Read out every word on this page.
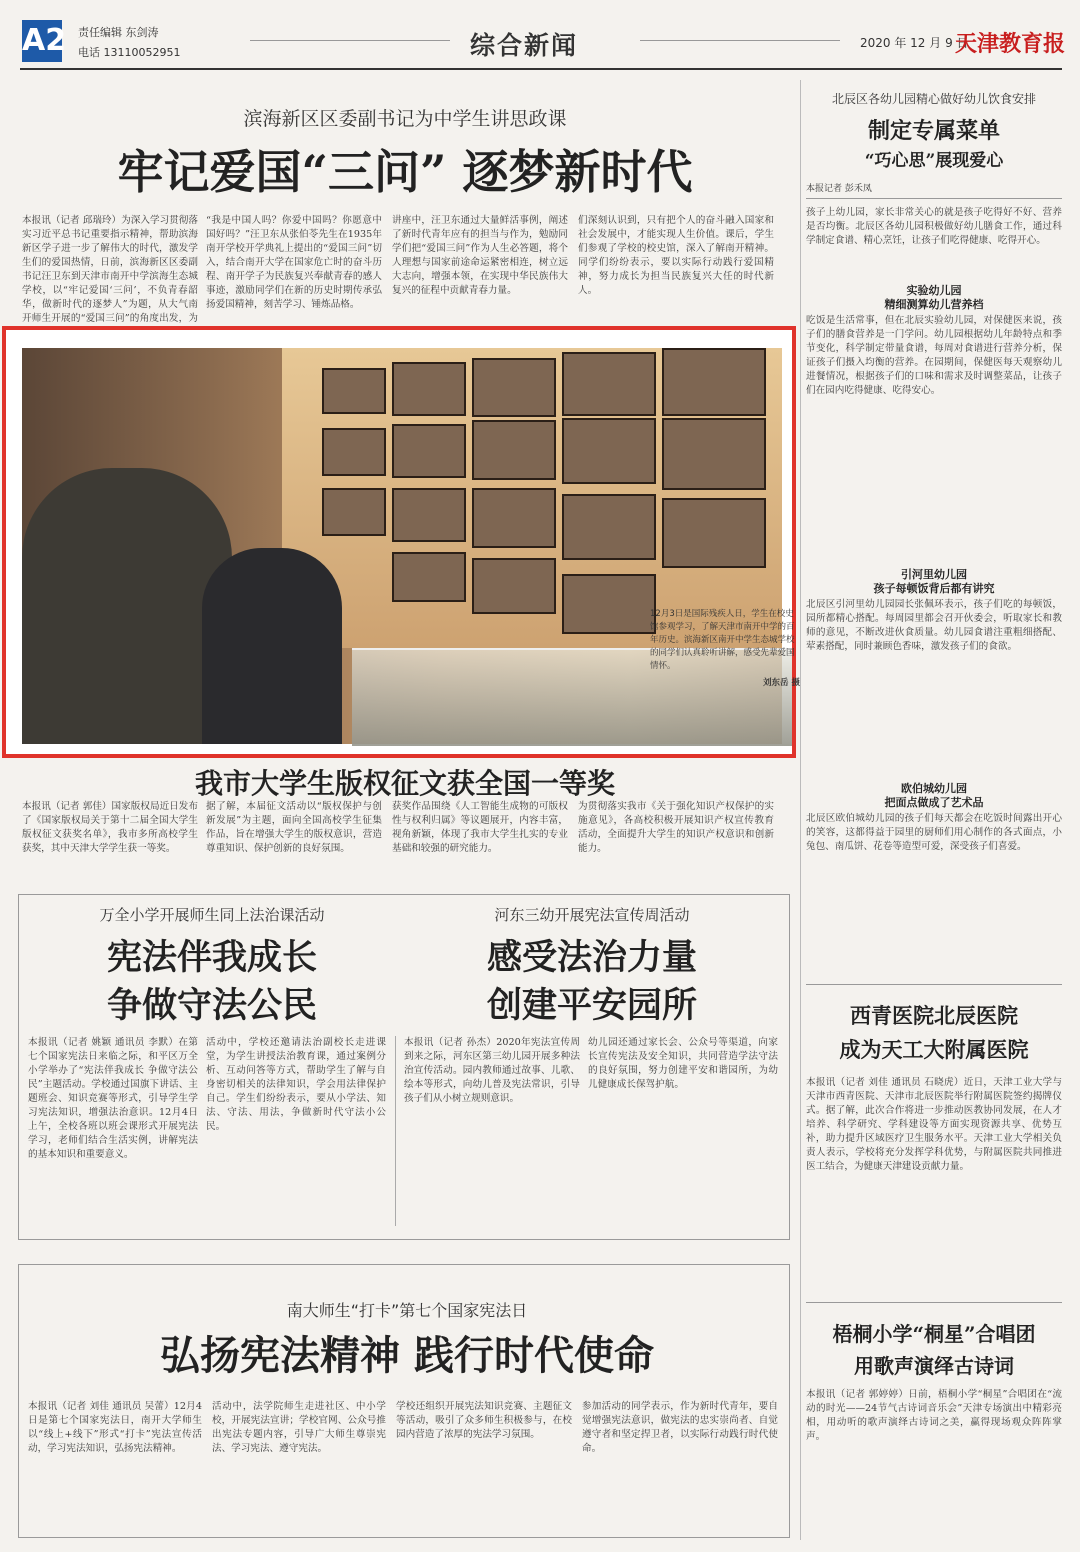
A2 责任编辑 东剑涛
电话 13110052951	综合新闻	2020 年 12 月 9 日
天津教育报
滨海新区区委副书记为中学生讲思政课
牢记爱国“三问” 逐梦新时代
本报讯（记者 邱瑞玲）为深入学习贯彻落实习近平总书记重要指示精神，帮助滨海新区学子进一步了解伟大的时代，激发学生们的爱国热情，日前，滨海新区区委副书记汪卫东到天津市南开中学滨海生态城学校，以“牢记爱国‘三问’，不负青春韶华，做新时代的逐梦人”为题，从大气南开师生开展的“爱国三问”的角度出发，为
“我是中国人吗？你爱中国吗？你愿意中国好吗？”汪卫东从张伯苓先生在1935年南开学校开学典礼上提出的“爱国三问”切入，结合南开大学在国家危亡时的奋斗历程、南开学子为民族复兴奉献青春的感人事迹，激励同学们在新的历史时期传承弘扬爱国精神，刻苦学习、锤炼品格。
讲座中，汪卫东通过大量鲜活事例，阐述了新时代青年应有的担当与作为，勉励同学们把“爱国三问”作为人生必答题，将个人理想与国家前途命运紧密相连，树立远大志向，增强本领，在实现中华民族伟大复兴的征程中贡献青春力量。
们深刻认识到，只有把个人的奋斗融入国家和社会发展中，才能实现人生价值。课后，学生们参观了学校的校史馆，深入了解南开精神。同学们纷纷表示，要以实际行动践行爱国精神，努力成长为担当民族复兴大任的时代新人。
12月3日是国际残疾人日，学生在校史馆参观学习，了解天津市南开中学的百年历史。滨海新区南开中学生态城学校的同学们认真聆听讲解，感受先辈爱国情怀。
刘东岳 摄
我市大学生版权征文获全国一等奖
本报讯（记者 郭佳）国家版权局近日发布了《国家版权局关于第十二届全国大学生版权征文获奖名单》，我市多所高校学生获奖，其中天津大学学生获一等奖。
据了解，本届征文活动以“版权保护与创新发展”为主题，面向全国高校学生征集作品，旨在增强大学生的版权意识，营造尊重知识、保护创新的良好氛围。
获奖作品围绕《人工智能生成物的可版权性与权利归属》等议题展开，内容丰富，视角新颖，体现了我市大学生扎实的专业基础和较强的研究能力。
为贯彻落实我市《关于强化知识产权保护的实施意见》，各高校积极开展知识产权宣传教育活动，全面提升大学生的知识产权意识和创新能力。
万全小学开展师生同上法治课活动
宪法伴我成长
争做守法公民
河东三幼开展宪法宣传周活动
感受法治力量
创建平安园所
本报讯（记者 姚颖 通讯员 李默）在第七个国家宪法日来临之际，和平区万全小学举办了“宪法伴我成长 争做守法公民”主题活动。学校通过国旗下讲话、主题班会、知识竞赛等形式，引导学生学习宪法知识，增强法治意识。12月4日上午，全校各班以班会课形式开展宪法学习，老师们结合生活实例，讲解宪法的基本知识和重要意义。
活动中，学校还邀请法治副校长走进课堂，为学生讲授法治教育课，通过案例分析、互动问答等方式，帮助学生了解与自身密切相关的法律知识，学会用法律保护自己。学生们纷纷表示，要从小学法、知法、守法、用法，争做新时代守法小公民。
本报讯（记者 孙杰）2020年宪法宣传周到来之际，河东区第三幼儿园开展多种法治宣传活动。园内教师通过故事、儿歌、绘本等形式，向幼儿普及宪法常识，引导孩子们从小树立规则意识。
幼儿园还通过家长会、公众号等渠道，向家长宣传宪法及安全知识，共同营造学法守法的良好氛围，努力创建平安和谐园所，为幼儿健康成长保驾护航。
南大师生“打卡”第七个国家宪法日
弘扬宪法精神 践行时代使命
本报讯（记者 刘佳 通讯员 吴蕾）12月4日是第七个国家宪法日，南开大学师生以“线上+线下”形式“打卡”宪法宣传活动，学习宪法知识，弘扬宪法精神。
活动中，法学院师生走进社区、中小学校，开展宪法宣讲；学校官网、公众号推出宪法专题内容，引导广大师生尊崇宪法、学习宪法、遵守宪法。
学校还组织开展宪法知识竞赛、主题征文等活动，吸引了众多师生积极参与，在校园内营造了浓厚的宪法学习氛围。
参加活动的同学表示，作为新时代青年，要自觉增强宪法意识，做宪法的忠实崇尚者、自觉遵守者和坚定捍卫者，以实际行动践行时代使命。
北辰区各幼儿园精心做好幼儿饮食安排
制定专属菜单
“巧心思”展现爱心
本报记者 彭禾凤
孩子上幼儿园，家长非常关心的就是孩子吃得好不好、营养是否均衡。北辰区各幼儿园积极做好幼儿膳食工作，通过科学制定食谱、精心烹饪，让孩子们吃得健康、吃得开心。
实验幼儿园
精细测算幼儿营养档
吃饭是生活常事，但在北辰实验幼儿园，对保健医来说，孩子们的膳食营养是一门学问。幼儿园根据幼儿年龄特点和季节变化，科学制定带量食谱，每周对食谱进行营养分析，保证孩子们摄入均衡的营养。在园期间，保健医每天观察幼儿进餐情况，根据孩子们的口味和需求及时调整菜品，让孩子们在园内吃得健康、吃得安心。
引河里幼儿园
孩子每顿饭背后都有讲究
北辰区引河里幼儿园园长张佩环表示，孩子们吃的每顿饭，园所都精心搭配。每周园里都会召开伙委会，听取家长和教师的意见，不断改进伙食质量。幼儿园食谱注重粗细搭配、荤素搭配，同时兼顾色香味，激发孩子们的食欲。
欧伯城幼儿园
把面点做成了艺术品
北辰区欧伯城幼儿园的孩子们每天都会在吃饭时间露出开心的笑容，这都得益于园里的厨师们用心制作的各式面点，小兔包、南瓜饼、花卷等造型可爱，深受孩子们喜爱。
西青医院北辰医院
成为天工大附属医院
本报讯（记者 刘佳 通讯员 石晓虎）近日，天津工业大学与天津市西青医院、天津市北辰医院举行附属医院签约揭牌仪式。据了解，此次合作将进一步推动医教协同发展，在人才培养、科学研究、学科建设等方面实现资源共享、优势互补，助力提升区域医疗卫生服务水平。天津工业大学相关负责人表示，学校将充分发挥学科优势，与附属医院共同推进医工结合，为健康天津建设贡献力量。
梧桐小学“桐星”合唱团
用歌声演绎古诗词
本报讯（记者 郭婷婷）日前，梧桐小学“桐星”合唱团在“流动的时光——24节气古诗词音乐会”天津专场演出中精彩亮相，用动听的歌声演绎古诗词之美，赢得现场观众阵阵掌声。
